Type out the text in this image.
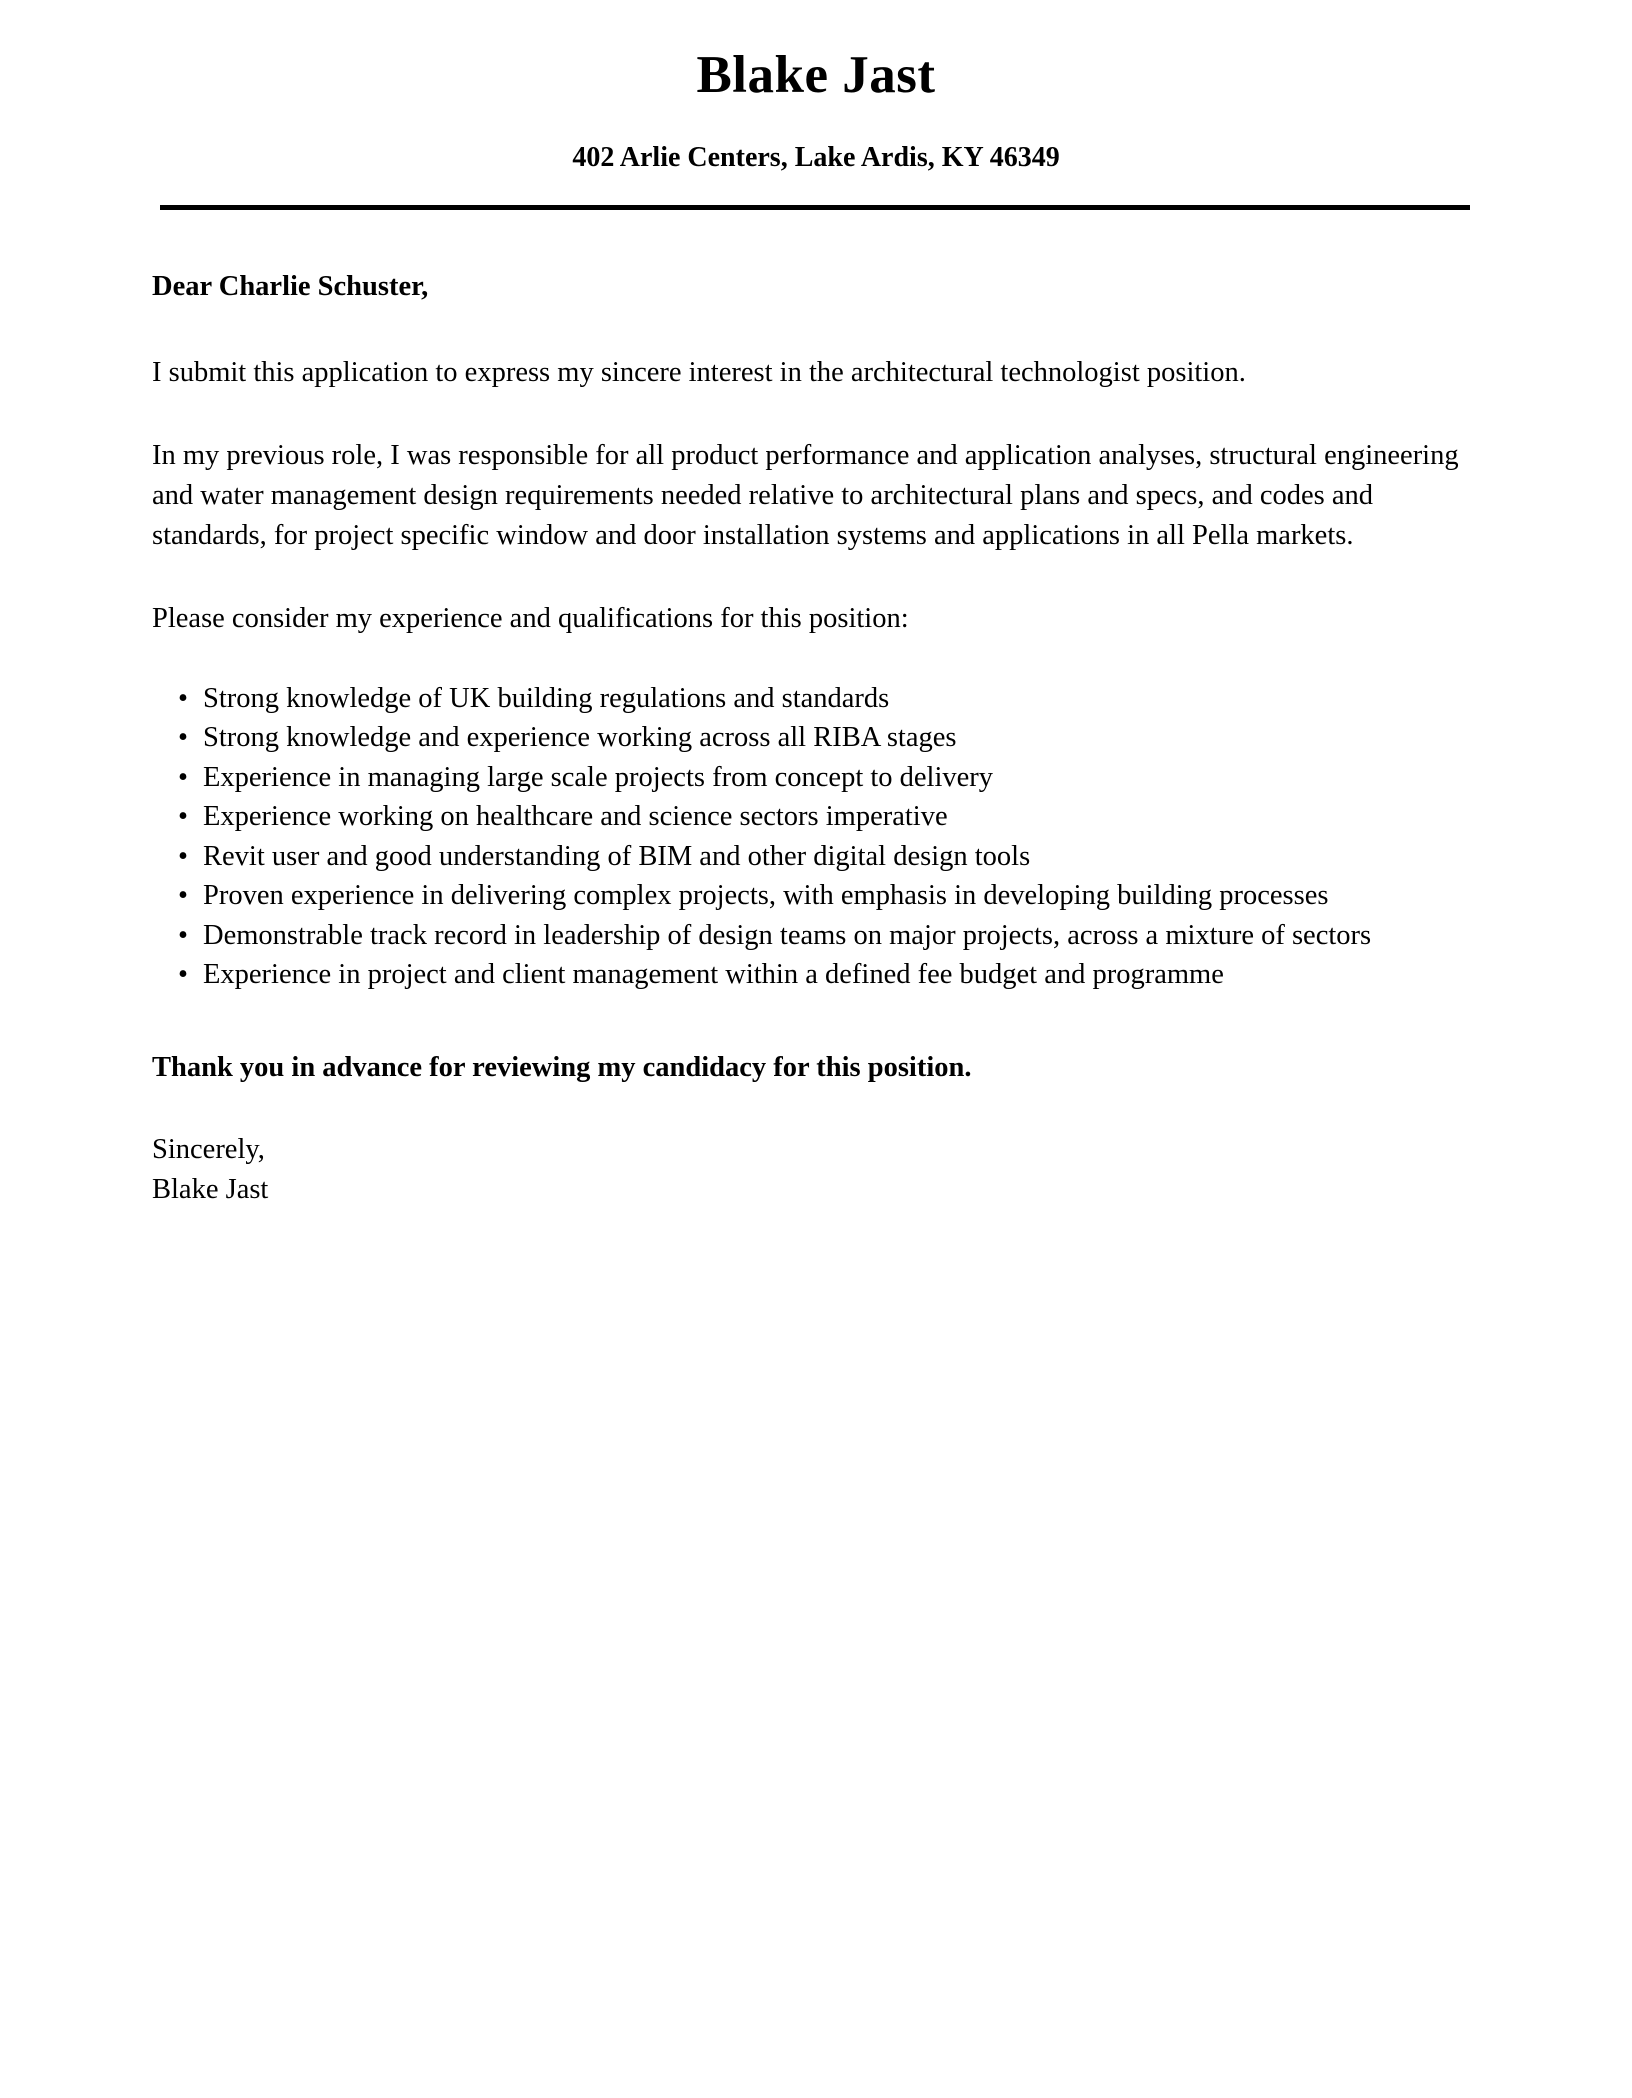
Blake Jast
402 Arlie Centers, Lake Ardis, KY 46349

Dear Charlie Schuster,

I submit this application to express my sincere interest in the architectural technologist position.

In my previous role, I was responsible for all product performance and application analyses, structural engineering and water management design requirements needed relative to architectural plans and specs, and codes and standards, for project specific window and door installation systems and applications in all Pella markets.

Please consider my experience and qualifications for this position:

• Strong knowledge of UK building regulations and standards
• Strong knowledge and experience working across all RIBA stages
• Experience in managing large scale projects from concept to delivery
• Experience working on healthcare and science sectors imperative
• Revit user and good understanding of BIM and other digital design tools
• Proven experience in delivering complex projects, with emphasis in developing building processes
• Demonstrable track record in leadership of design teams on major projects, across a mixture of sectors
• Experience in project and client management within a defined fee budget and programme

Thank you in advance for reviewing my candidacy for this position.

Sincerely,
Blake Jast
